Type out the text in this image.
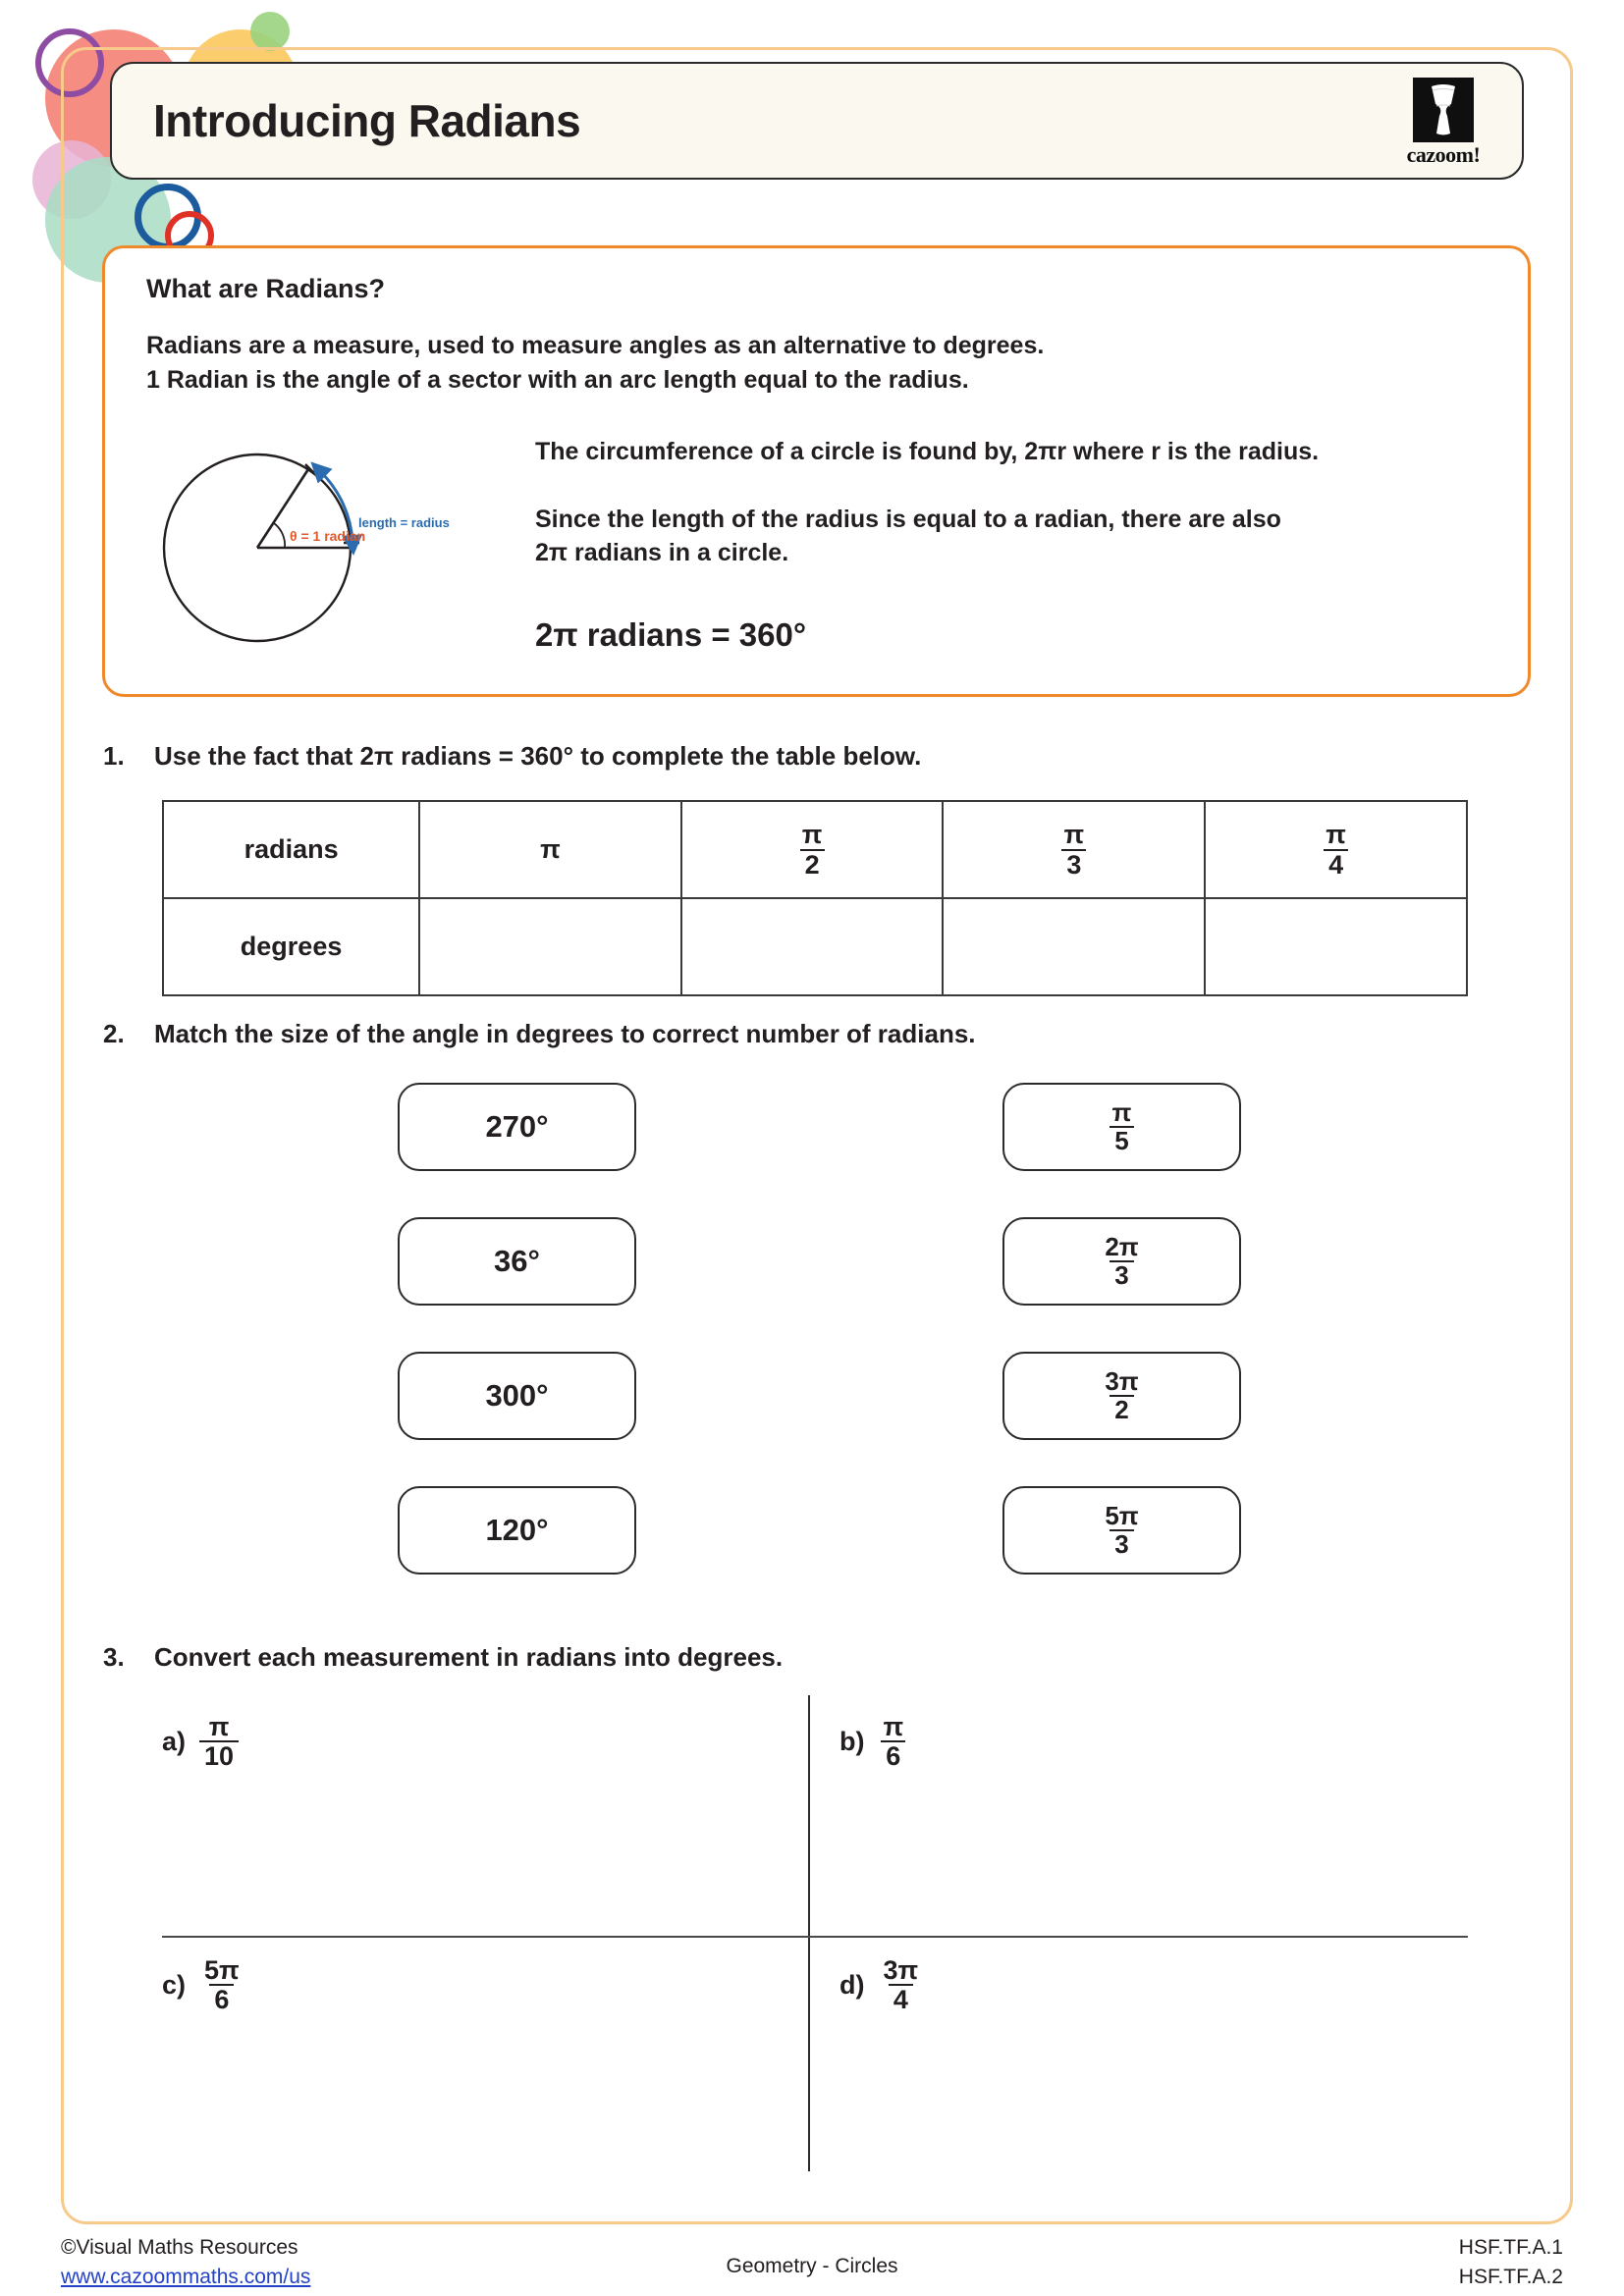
Introducing Radians
cazoom!
What are Radians?
Radians are a measure, used to measure angles as an alternative to degrees.
1 Radian is the angle of a sector with an arc length equal to the radius.
length = radius
θ = 1 radian

The circumference of a circle is found by, 2πr where r is the radius.

Since the length of the radius is equal to a radian, there are also
2π radians in a circle.

2π radians = 360°
1.	Use the fact that 2π radians = 360° to complete the table below.
radians	π	$\frac{\pi}{2}$	$\frac{\pi}{3}$	$\frac{\pi}{4}$

degrees				
2.	Match the size of the angle in degrees to correct number of radians.
270°
36°
300°
120°
$\frac{\pi}{5}$
$\frac{2\pi}{3}$
$\frac{3\pi}{2}$
$\frac{5\pi}{3}$
3.	Convert each measurement in radians into degrees.
$a) \frac{\pi}{10}$	$b) \frac{\pi}{6}$
$c) \frac{5\pi}{6}$	$d) \frac{3\pi}{4}$
©Visual Maths Resources
www.cazoommaths.com/us	Geometry - Circles
HSF.TF.A.1
HSF.TF.A.2
